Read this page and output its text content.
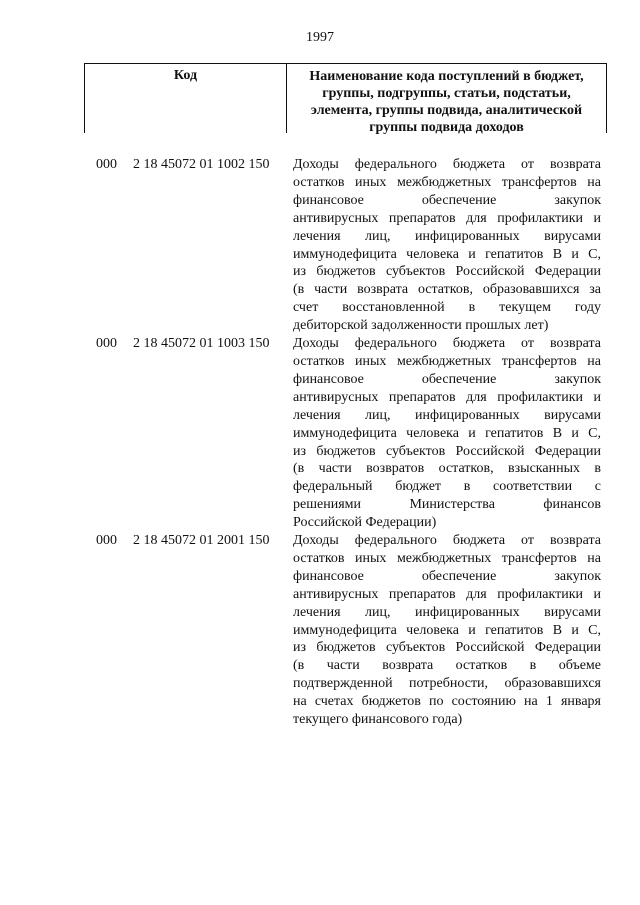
1997
Код	Наименование кода поступлений в бюджет,
группы, подгруппы, статьи, подстатьи,
элемента, группы подвида, аналитической
группы подвида доходов
000 2 18 45072 01 1002 150 Доходы федерального бюджета от возврата
остатков иных межбюджетных трансфертов на
финансовое обеспечение закупок
антивирусных препаратов для профилактики и
лечения лиц, инфицированных вирусами
иммунодефицита человека и гепатитов В и С,
из бюджетов субъектов Российской Федерации
(в части возврата остатков, образовавшихся за
счет восстановленной в текущем году
дебиторской задолженности прошлых лет)
000 2 18 45072 01 1003 150 Доходы федерального бюджета от возврата
остатков иных межбюджетных трансфертов на
финансовое обеспечение закупок
антивирусных препаратов для профилактики и
лечения лиц, инфицированных вирусами
иммунодефицита человека и гепатитов В и С,
из бюджетов субъектов Российской Федерации
(в части возвратов остатков, взысканных в
федеральный бюджет в соответствии с
решениями Министерства финансов
Российской Федерации)
000 2 18 45072 01 2001 150 Доходы федерального бюджета от возврата
остатков иных межбюджетных трансфертов на
финансовое обеспечение закупок
антивирусных препаратов для профилактики и
лечения лиц, инфицированных вирусами
иммунодефицита человека и гепатитов В и С,
из бюджетов субъектов Российской Федерации
(в части возврата остатков в объеме
подтвержденной потребности, образовавшихся
на счетах бюджетов по состоянию на 1 января
текущего финансового года)
